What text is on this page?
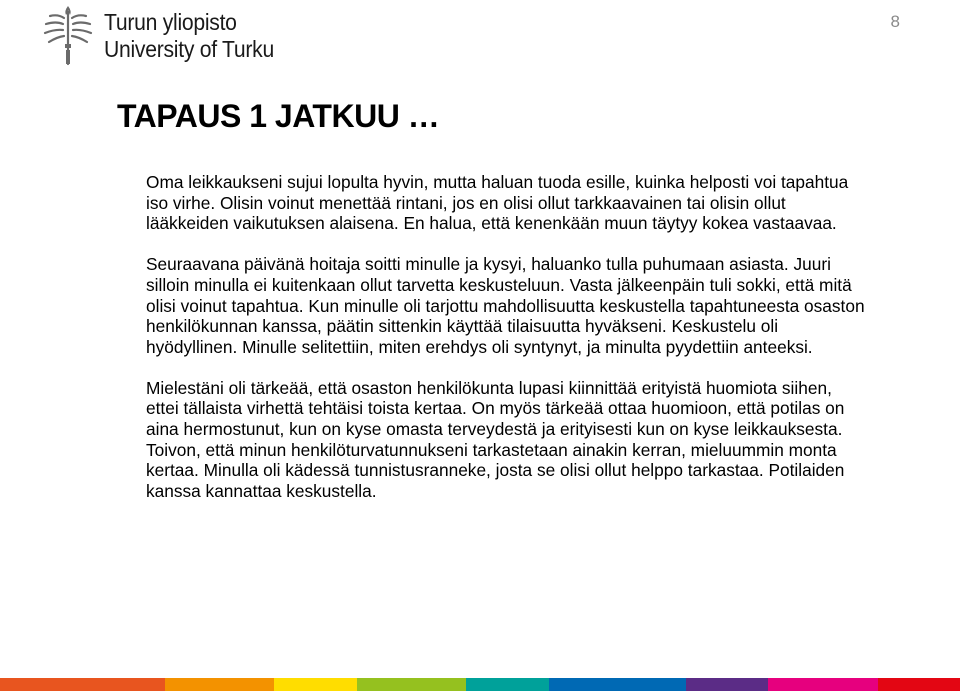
Turun yliopisto
University of Turku
8
TAPAUS 1 JATKUU …

Oma leikkaukseni sujui lopulta hyvin, mutta haluan tuoda esille, kuinka helposti voi tapahtua iso virhe. Olisin voinut menettää rintani, jos en olisi ollut tarkkaavainen tai olisin ollut lääkkeiden vaikutuksen alaisena. En halua, että kenenkään muun täytyy kokea vastaavaa.

Seuraavana päivänä hoitaja soitti minulle ja kysyi, haluanko tulla puhumaan asiasta. Juuri silloin minulla ei kuitenkaan ollut tarvetta keskusteluun. Vasta jälkeenpäin tuli sokki, että mitä olisi voinut tapahtua. Kun minulle oli tarjottu mahdollisuutta keskustella tapahtuneesta osaston henkilökunnan kanssa, päätin sittenkin käyttää tilaisuutta hyväkseni. Keskustelu oli hyödyllinen. Minulle selitettiin, miten erehdys oli syntynyt, ja minulta pyydettiin anteeksi.

Mielestäni oli tärkeää, että osaston henkilökunta lupasi kiinnittää erityistä huomiota siihen, ettei tällaista virhettä tehtäisi toista kertaa. On myös tärkeää ottaa huomioon, että potilas on aina hermostunut, kun on kyse omasta terveydestä ja erityisesti kun on kyse leikkauksesta. Toivon, että minun henkilöturvatunnukseni tarkastetaan ainakin kerran, mieluummin monta kertaa. Minulla oli kädessä tunnistusranneke, josta se olisi ollut helppo tarkastaa. Potilaiden kanssa kannattaa keskustella.
